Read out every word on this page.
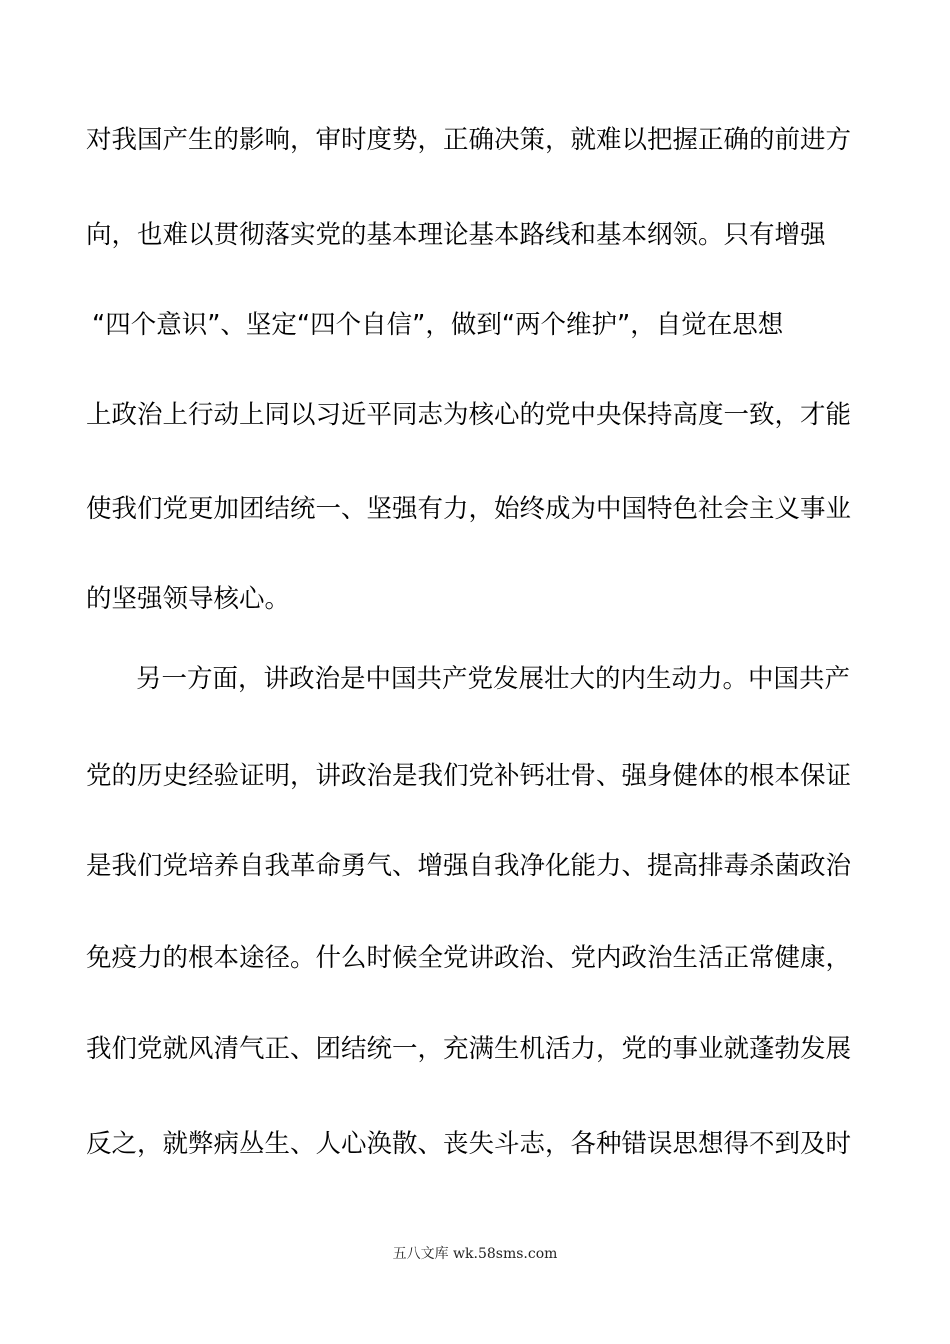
对我国产生的影响，审时度势，正确决策，就难以把握正确的前进方
向，也难以贯彻落实党的基本理论基本路线和基本纲领。只有增强
“四个意识”、坚定“四个自信”，做到“两个维护”，自觉在思想
上政治上行动上同以习近平同志为核心的党中央保持高度一致，才能
使我们党更加团结统一、坚强有力，始终成为中国特色社会主义事业
的坚强领导核心。
另一方面，讲政治是中国共产党发展壮大的内生动力。中国共产
党的历史经验证明，讲政治是我们党补钙壮骨、强身健体的根本保证
是我们党培养自我革命勇气、增强自我净化能力、提高排毒杀菌政治
免疫力的根本途径。什么时候全党讲政治、党内政治生活正常健康，
我们党就风清气正、团结统一，充满生机活力，党的事业就蓬勃发展
反之，就弊病丛生、人心涣散、丧失斗志，各种错误思想得不到及时
五八文库 wk.58sms.com
